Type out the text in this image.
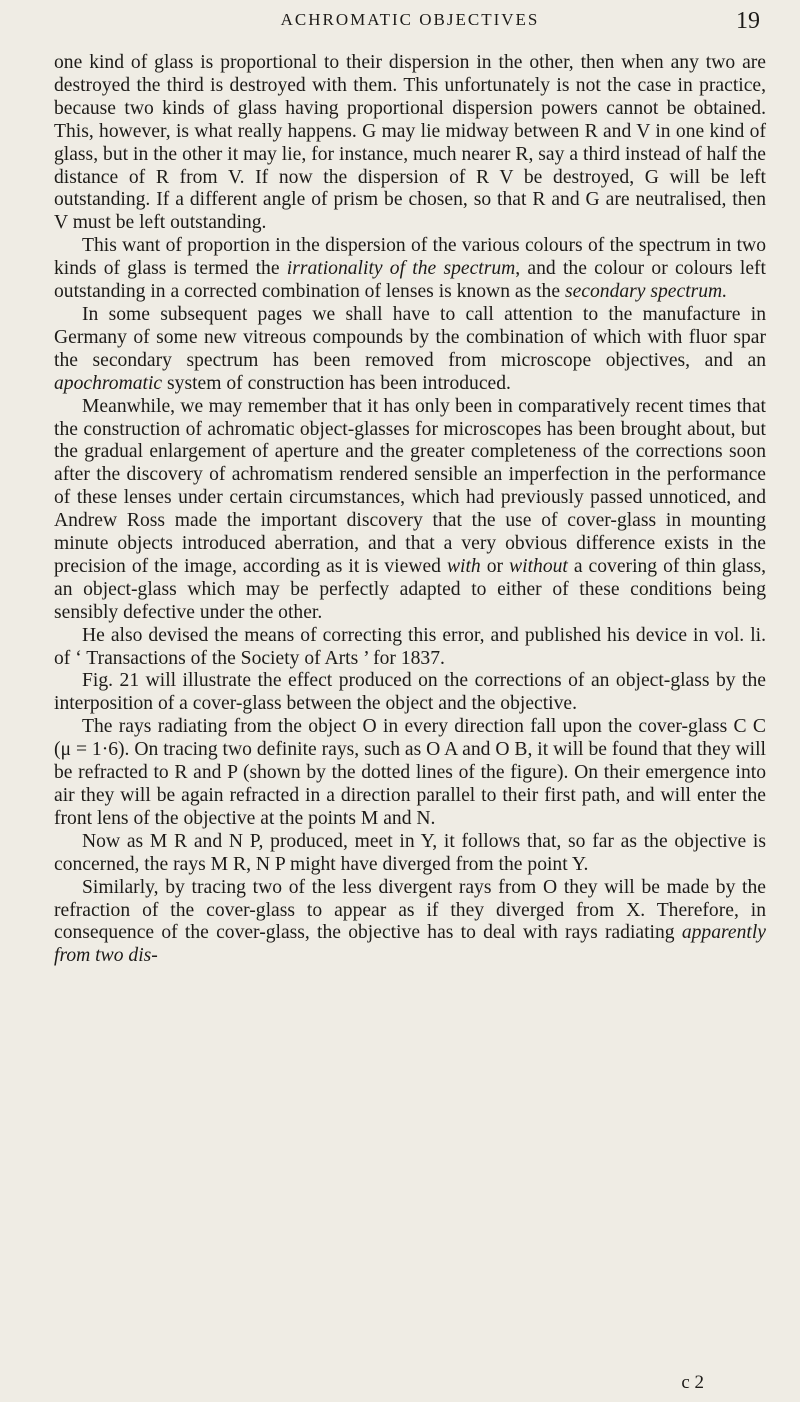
ACHROMATIC OBJECTIVES	19

one kind of glass is proportional to their dispersion in the other, then when any two are destroyed the third is destroyed with them. This unfortunately is not the case in practice, because two kinds of glass having proportional dispersion powers cannot be obtained. This, however, is what really happens. G may lie midway between R and V in one kind of glass, but in the other it may lie, for instance, much nearer R, say a third instead of half the distance of R from V. If now the dispersion of R V be destroyed, G will be left outstanding. If a different angle of prism be chosen, so that R and G are neutralised, then V must be left outstanding.

This want of proportion in the dispersion of the various colours of the spectrum in two kinds of glass is termed the irrationality of the spectrum, and the colour or colours left outstanding in a corrected combination of lenses is known as the secondary spectrum.

In some subsequent pages we shall have to call attention to the manufacture in Germany of some new vitreous compounds by the combination of which with fluor spar the secondary spectrum has been removed from microscope objectives, and an apochromatic system of construction has been introduced.

Meanwhile, we may remember that it has only been in comparatively recent times that the construction of achromatic object-glasses for microscopes has been brought about, but the gradual enlargement of aperture and the greater completeness of the corrections soon after the discovery of achromatism rendered sensible an imperfection in the performance of these lenses under certain circumstances, which had previously passed unnoticed, and Andrew Ross made the important discovery that the use of cover-glass in mounting minute objects introduced aberration, and that a very obvious difference exists in the precision of the image, according as it is viewed with or without a covering of thin glass, an object-glass which may be perfectly adapted to either of these conditions being sensibly defective under the other.

He also devised the means of correcting this error, and published his device in vol. li. of ‘ Transactions of the Society of Arts ’ for 1837.

Fig. 21 will illustrate the effect produced on the corrections of an object-glass by the interposition of a cover-glass between the object and the objective.

The rays radiating from the object O in every direction fall upon the cover-glass C C (μ = 1·6). On tracing two definite rays, such as O A and O B, it will be found that they will be refracted to R and P (shown by the dotted lines of the figure). On their emergence into air they will be again refracted in a direction parallel to their first path, and will enter the front lens of the objective at the points M and N.

Now as M R and N P, produced, meet in Y, it follows that, so far as the objective is concerned, the rays M R, N P might have diverged from the point Y.

Similarly, by tracing two of the less divergent rays from O they will be made by the refraction of the cover-glass to appear as if they diverged from X. Therefore, in consequence of the cover-glass, the objective has to deal with rays radiating apparently from two dis-

c 2
